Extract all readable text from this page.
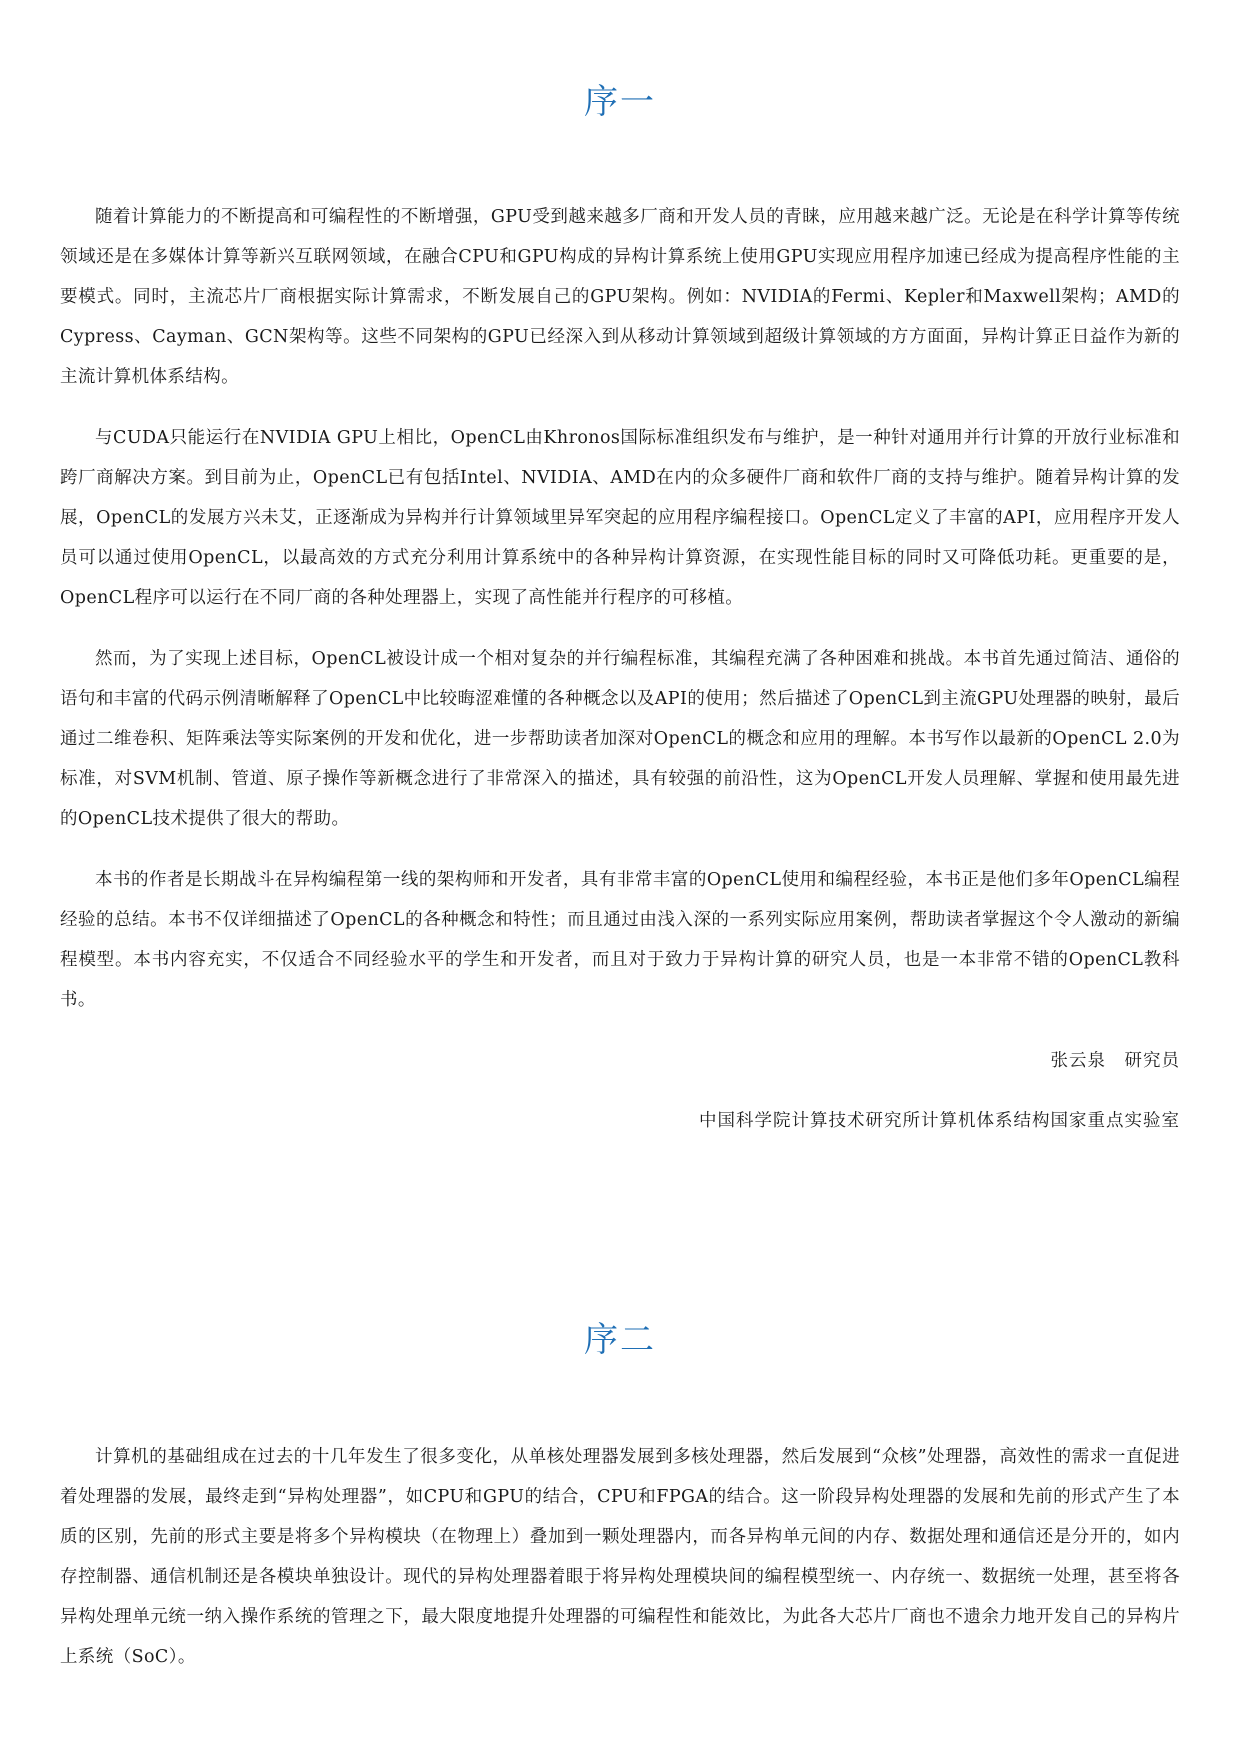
序一

随着计算能力的不断提高和可编程性的不断增强，GPU受到越来越多厂商和开发人员的青睐，应用越来越广泛。无论是在科学计算等传统领域还是在多媒体计算等新兴互联网领域，在融合CPU和GPU构成的异构计算系统上使用GPU实现应用程序加速已经成为提高程序性能的主要模式。同时，主流芯片厂商根据实际计算需求，不断发展自己的GPU架构。例如：NVIDIA的Fermi、Kepler和Maxwell架构；AMD的Cypress、Cayman、GCN架构等。这些不同架构的GPU已经深入到从移动计算领域到超级计算领域的方方面面，异构计算正日益作为新的主流计算机体系结构。

与CUDA只能运行在NVIDIA GPU上相比，OpenCL由Khronos国际标准组织发布与维护，是一种针对通用并行计算的开放行业标准和跨厂商解决方案。到目前为止，OpenCL已有包括Intel、NVIDIA、AMD在内的众多硬件厂商和软件厂商的支持与维护。随着异构计算的发展，OpenCL的发展方兴未艾，正逐渐成为异构并行计算领域里异军突起的应用程序编程接口。OpenCL定义了丰富的API，应用程序开发人员可以通过使用OpenCL，以最高效的方式充分利用计算系统中的各种异构计算资源，在实现性能目标的同时又可降低功耗。更重要的是，OpenCL程序可以运行在不同厂商的各种处理器上，实现了高性能并行程序的可移植。

然而，为了实现上述目标，OpenCL被设计成一个相对复杂的并行编程标准，其编程充满了各种困难和挑战。本书首先通过简洁、通俗的语句和丰富的代码示例清晰解释了OpenCL中比较晦涩难懂的各种概念以及API的使用；然后描述了OpenCL到主流GPU处理器的映射，最后通过二维卷积、矩阵乘法等实际案例的开发和优化，进一步帮助读者加深对OpenCL的概念和应用的理解。本书写作以最新的OpenCL 2.0为标准，对SVM机制、管道、原子操作等新概念进行了非常深入的描述，具有较强的前沿性，这为OpenCL开发人员理解、掌握和使用最先进的OpenCL技术提供了很大的帮助。

本书的作者是长期战斗在异构编程第一线的架构师和开发者，具有非常丰富的OpenCL使用和编程经验，本书正是他们多年OpenCL编程经验的总结。本书不仅详细描述了OpenCL的各种概念和特性；而且通过由浅入深的一系列实际应用案例，帮助读者掌握这个令人激动的新编程模型。本书内容充实，不仅适合不同经验水平的学生和开发者，而且对于致力于异构计算的研究人员，也是一本非常不错的OpenCL教科书。

张云泉　研究员

中国科学院计算技术研究所计算机体系结构国家重点实验室

序二

计算机的基础组成在过去的十几年发生了很多变化，从单核处理器发展到多核处理器，然后发展到“众核”处理器，高效性的需求一直促进着处理器的发展，最终走到“异构处理器”，如CPU和GPU的结合，CPU和FPGA的结合。这一阶段异构处理器的发展和先前的形式产生了本质的区别，先前的形式主要是将多个异构模块（在物理上）叠加到一颗处理器内，而各异构单元间的内存、数据处理和通信还是分开的，如内存控制器、通信机制还是各模块单独设计。现代的异构处理器着眼于将异构处理模块间的编程模型统一、内存统一、数据统一处理，甚至将各异构处理单元统一纳入操作系统的管理之下，最大限度地提升处理器的可编程性和能效比，为此各大芯片厂商也不遗余力地开发自己的异构片上系统（SoC）。
